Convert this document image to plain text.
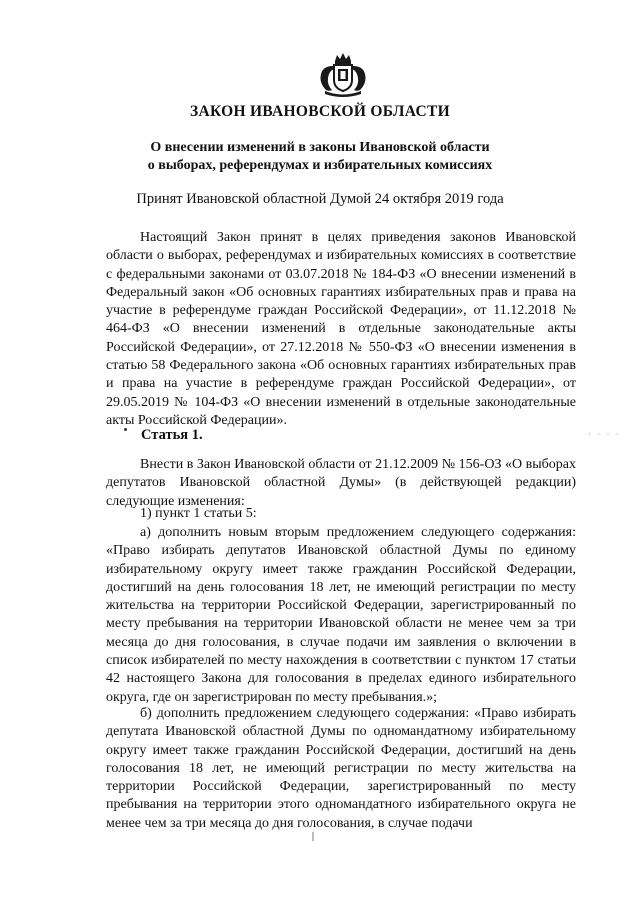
ЗАКОН ИВАНОВСКОЙ ОБЛАСТИ
О внесении изменений в законы Ивановской области
о выборах, референдумах и избирательных комиссиях
Принят Ивановской областной Думой 24 октября 2019 года

Настоящий Закон принят в целях приведения законов Ивановской области о выборах, референдумах и избирательных комиссиях в соответствие с федеральными законами от 03.07.2018 № 184-ФЗ «О внесении изменений в Федеральный закон «Об основных гарантиях избирательных прав и права на участие в референдуме граждан Российской Федерации», от 11.12.2018 № 464-ФЗ «О внесении изменений в отдельные законодательные акты Российской Федерации», от 27.12.2018 № 550-ФЗ «О внесении изменения в статью 58 Федерального закона «Об основных гарантиях избирательных прав и права на участие в референдуме граждан Российской Федерации», от 29.05.2019 № 104-ФЗ «О внесении изменений в отдельные законодательные акты Российской Федерации».

Статья 1.	· · · ·

Внести в Закон Ивановской области от 21.12.2009 № 156-ОЗ «О выборах депутатов Ивановской областной Думы» (в действующей редакции) следующие изменения:

1) пункт 1 статьи 5:

а) дополнить новым вторым предложением следующего содержания: «Право избирать депутатов Ивановской областной Думы по единому избирательному округу имеет также гражданин Российской Федерации, достигший на день голосования 18 лет, не имеющий регистрации по месту жительства на территории Российской Федерации, зарегистрированный по месту пребывания на территории Ивановской области не менее чем за три месяца до дня голосования, в случае подачи им заявления о включении в список избирателей по месту нахождения в соответствии с пунктом 17 статьи 42 настоящего Закона для голосования в пределах единого избирательного округа, где он зарегистрирован по месту пребывания.»;

б) дополнить предложением следующего содержания: «Право избирать депутата Ивановской областной Думы по одномандатному избирательному округу имеет также гражданин Российской Федерации, достигший на день голосования 18 лет, не имеющий регистрации по месту жительства на территории Российской Федерации, зарегистрированный по месту пребывания на территории этого одномандатного избирательного округа не менее чем за три месяца до дня голосования, в случае подачи
